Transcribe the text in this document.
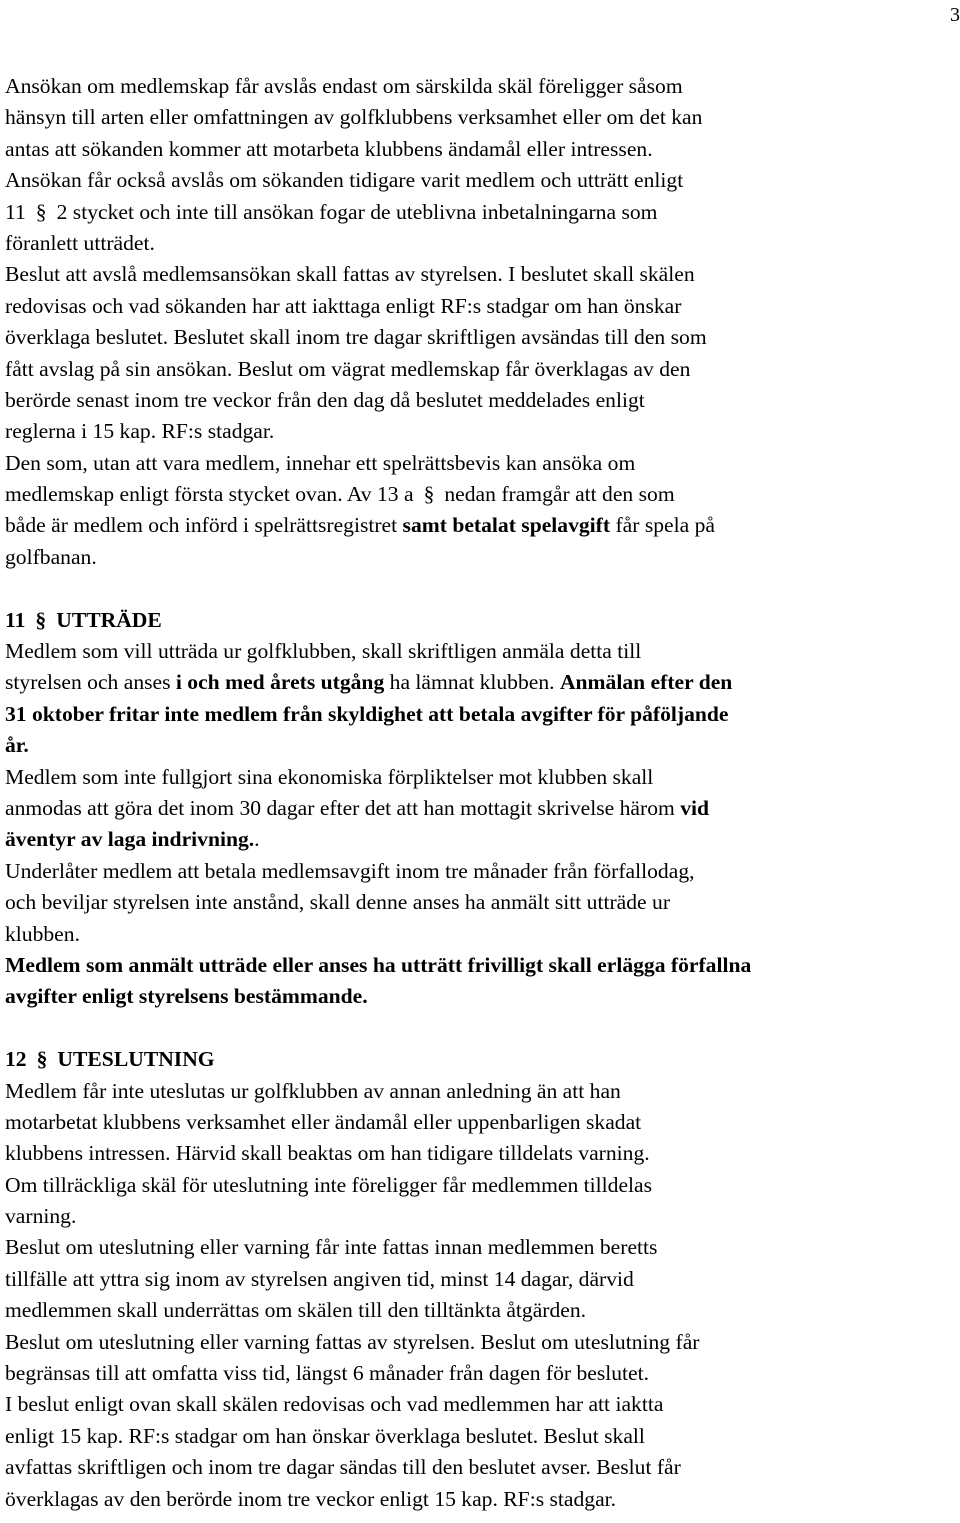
3
Ansökan om medlemskap får avslås endast om särskilda skäl föreligger såsom
hänsyn till arten eller omfattningen av golfklubbens verksamhet eller om det kan
antas att sökanden kommer att motarbeta klubbens ändamål eller intressen.
Ansökan får också avslås om sökanden tidigare varit medlem och utträtt enligt
11 § 2 stycket och inte till ansökan fogar de uteblivna inbetalningarna som
föranlett utträdet.
Beslut att avslå medlemsansökan skall fattas av styrelsen. I beslutet skall skälen
redovisas och vad sökanden har att iakttaga enligt RF:s stadgar om han önskar
överklaga beslutet. Beslutet skall inom tre dagar skriftligen avsändas till den som
fått avslag på sin ansökan. Beslut om vägrat medlemskap får överklagas av den
berörde senast inom tre veckor från den dag då beslutet meddelades enligt
reglerna i 15 kap. RF:s stadgar.
Den som, utan att vara medlem, innehar ett spelrättsbevis kan ansöka om
medlemskap enligt första stycket ovan. Av 13 a § nedan framgår att den som
både är medlem och införd i spelrättsregistret samt betalat spelavgift får spela på
golfbanan.
11 § UTTRÄDE
Medlem som vill utträda ur golfklubben, skall skriftligen anmäla detta till
styrelsen och anses i och med årets utgång ha lämnat klubben. Anmälan efter den
31 oktober fritar inte medlem från skyldighet att betala avgifter för påföljande
år.
Medlem som inte fullgjort sina ekonomiska förpliktelser mot klubben skall
anmodas att göra det inom 30 dagar efter det att han mottagit skrivelse härom vid
äventyr av laga indrivning..
Underlåter medlem att betala medlemsavgift inom tre månader från förfallodag,
och beviljar styrelsen inte anstånd, skall denne anses ha anmält sitt utträde ur
klubben.
Medlem som anmält utträde eller anses ha utträtt frivilligt skall erlägga förfallna
avgifter enligt styrelsens bestämmande.
12 § UTESLUTNING
Medlem får inte uteslutas ur golfklubben av annan anledning än att han
motarbetat klubbens verksamhet eller ändamål eller uppenbarligen skadat
klubbens intressen. Härvid skall beaktas om han tidigare tilldelats varning.
Om tillräckliga skäl för uteslutning inte föreligger får medlemmen tilldelas
varning.
Beslut om uteslutning eller varning får inte fattas innan medlemmen beretts
tillfälle att yttra sig inom av styrelsen angiven tid, minst 14 dagar, därvid
medlemmen skall underrättas om skälen till den tilltänkta åtgärden.
Beslut om uteslutning eller varning fattas av styrelsen. Beslut om uteslutning får
begränsas till att omfatta viss tid, längst 6 månader från dagen för beslutet.
I beslut enligt ovan skall skälen redovisas och vad medlemmen har att iaktta
enligt 15 kap. RF:s stadgar om han önskar överklaga beslutet. Beslut skall
avfattas skriftligen och inom tre dagar sändas till den beslutet avser. Beslut får
överklagas av den berörde inom tre veckor enligt 15 kap. RF:s stadgar.
